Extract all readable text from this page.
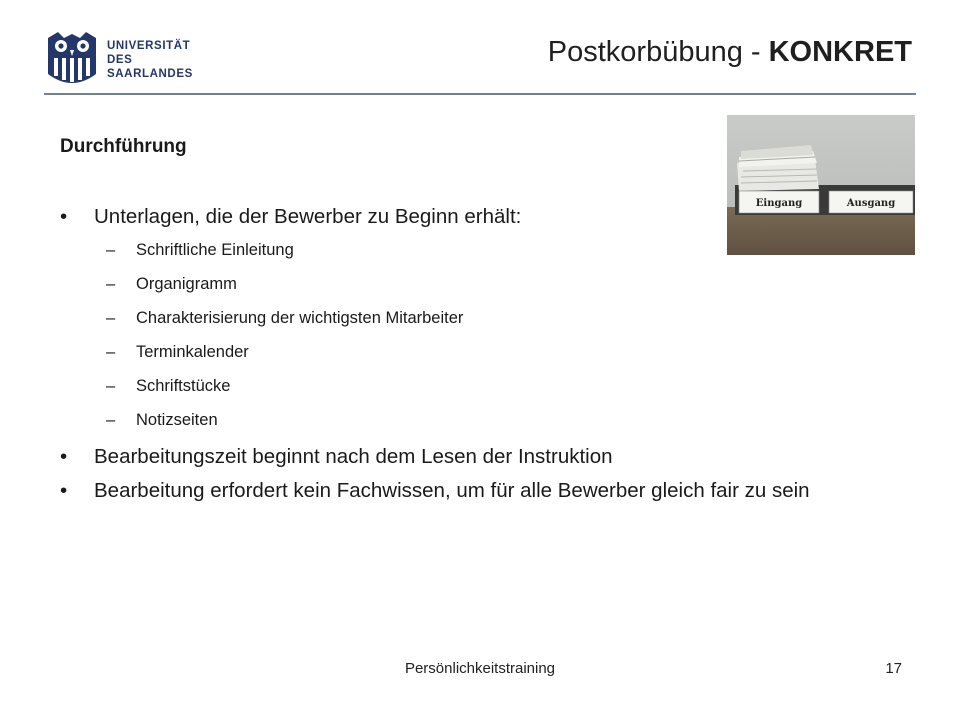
UNIVERSITÄT
DES
SAARLANDES
Postkorbübung - KONKRET
Eingang	Ausgang
Durchführung
• Unterlagen, die der Bewerber zu Beginn erhält:
– Schriftliche Einleitung
– Organigramm
– Charakterisierung der wichtigsten Mitarbeiter
– Terminkalender
– Schriftstücke
– Notizseiten
• Bearbeitungszeit beginnt nach dem Lesen der Instruktion
• Bearbeitung erfordert kein Fachwissen, um für alle Bewerber gleich fair zu sein
Persönlichkeitstraining	17
